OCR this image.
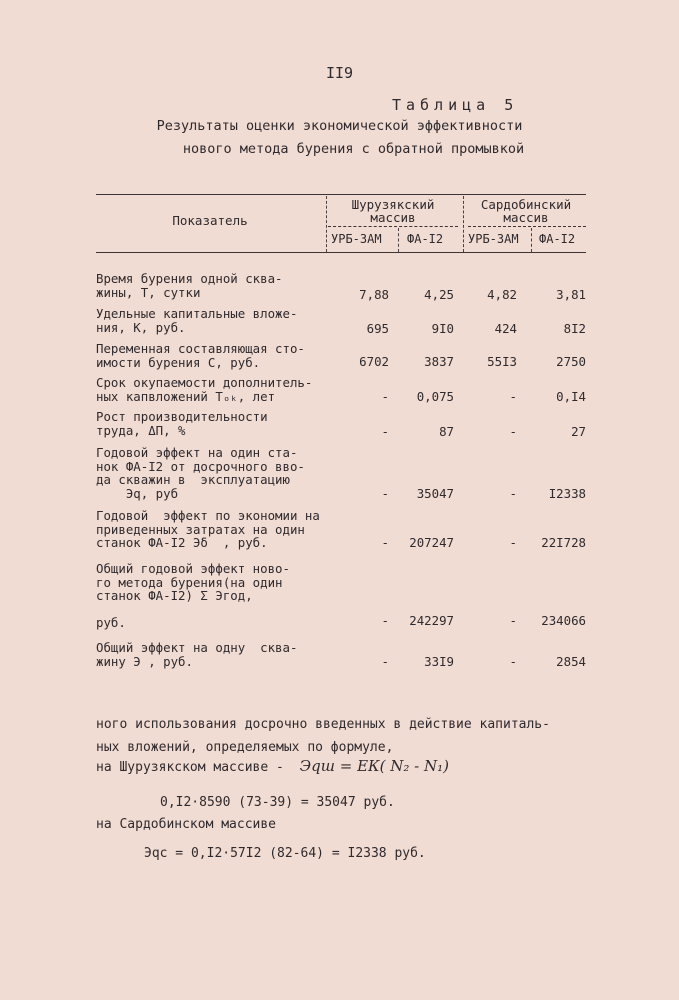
II9
Таблица 5
Результаты оценки экономической эффективности
нового метода бурения с обратной промывкой
Показатель
Шурузякский
массив
Сардобинский
массив
УРБ-ЗАМ ФА-I2 УРБ-ЗАМ ФА-I2
Время бурения одной сква-
жины, Т, сутки	7,88	4,25	4,82	3,81
Удельные капитальные вложе-
ния, К, руб.	695	9I0	424	8I2
Переменная составляющая сто-
имости бурения С, руб.	6702	3837	55I3	2750
Срок окупаемости дополнитель-
ных капвложений Тₒₖ, лет	-	0,075	-	0,I4
Рост производительности
труда, ΔП, %	-	87	-	27
Годовой эффект на один ста-
нок ФА-I2 от досрочного вво-
да скважин в  эксплуатацию
Эq, руб	-	35047	-	I2338
Годовой  эффект по экономии на
приведенных затратах на один
станок ФА-I2 Эδ  , руб.	-	207247	-	22I728
Общий годовой эффект ново-
го метода бурения(на один
станок ФА-I2) Σ Эгод,

руб.	-	242297	-	234066
Общий эффект на одну  сква-
жину Э , руб.	-	33I9	-	2854
ного использования досрочно введенных в действие капиталь-
ных вложений, определяемых по формуле,
на Шурузякском массиве - Эqш = ЕК( N₂ - N₁)
0,I2·8590 (73-39) = 35047 руб.
на Сардобинском массиве
Эqс = 0,I2·57I2 (82-64) = I2338 руб.
